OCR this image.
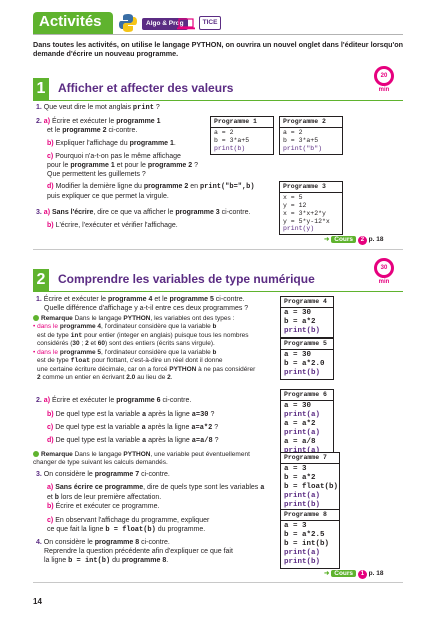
Activités	Algo & Prog	TICE
Dans toutes les activités, on utilise le langage PYTHON, on ouvrira un nouvel onglet dans l'éditeur lorsqu'on demande d'écrire un nouveau programme.
20 min
1 Afficher et affecter des valeurs
1. Que veut dire le mot anglais print ?
2. a) Écrire et exécuter le programme 1
et le programme 2 ci-contre.
b) Expliquer l'affichage du programme 1.
c) Pourquoi n'a-t-on pas le même affichage
pour le programme 1 et pour le programme 2 ?
Que permettent les guillemets ?
d) Modifier la dernière ligne du programme 2 en print("b=",b)
puis expliquer ce que permet la virgule.
3. a) Sans l'écrire, dire ce que va afficher le programme 3 ci-contre.
b) L'écrire, l'exécuter et vérifier l'affichage.
Programme 1
a = 2
b = 3*a+5
print(b)
Programme 2
a = 2
b = 3*a+5
print("b")
Programme 3
x = 5
y = 12
x = 3*x+2*y
y = 5*y-12*x
print(y)
➜ Cours 2 p. 18
30 min
2 Comprendre les variables de type numérique
1. Écrire et exécuter le programme 4 et le programme 5 ci-contre.
Quelle différence d'affichage y a-t-il entre ces deux programmes ?
Remarque Dans le langage PYTHON, les variables ont des types :
• dans le programme 4, l'ordinateur considère que la variable b
est de type int pour entier (integer en anglais) puisque tous les nombres
considérés (30 ; 2 et 60) sont des entiers (écrits sans virgule).
• dans le programme 5, l'ordinateur considère que la variable b
est de type float pour flottant, c'est-à-dire un réel dont il donne
une certaine écriture décimale, car on a forcé PYTHON à ne pas considérer
2 comme un entier en écrivant 2.0 au lieu de 2.
2. a) Écrire et exécuter le programme 6 ci-contre.
b) De quel type est la variable a après la ligne a=30 ?
c) De quel type est la variable a après la ligne a=a*2 ?
d) De quel type est la variable a après la ligne a=a/8 ?
Remarque Dans le langage PYTHON, une variable peut éventuellement
changer de type suivant les calculs demandés.
3. On considère le programme 7 ci-contre.
a) Sans écrire ce programme, dire de quels type sont les variables a
et b lors de leur première affectation.
b) Écrire et exécuter ce programme.
c) En observant l'affichage du programme, expliquer
ce que fait la ligne b = float(b) du programme.
4. On considère le programme 8 ci-contre.
Reprendre la question précédente afin d'expliquer ce que fait
la ligne b = int(b) du programme 8.
Programme 4
a = 30
b = a*2
print(b)
Programme 5
a = 30
b = a*2.0
print(b)
Programme 6
a = 30
print(a)
a = a*2
print(a)
a = a/8

Programme 7
a = 3
b = a*2
b = float(b)
print(a)
print(b)
Programme 8
a = 3
b = a*2.5
b = int(b)
print(a)
print(b)
➜ Cours 1 p. 18
14
